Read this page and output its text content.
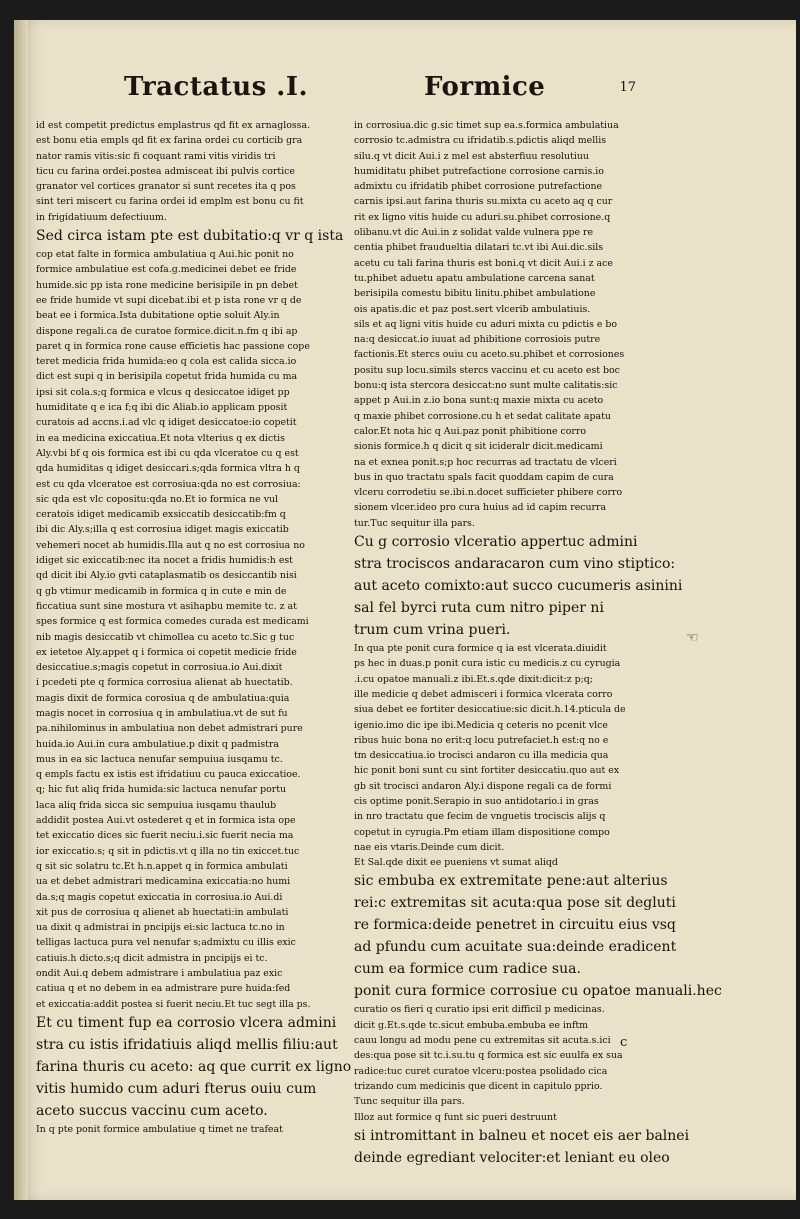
Tractatus .I.	Formice	17
id est competit predictus emplastrus qd fit ex arnaglossa.
est bonu etia empls qd fit ex farina ordei cu corticib gra
nator ramis vitis:sic fi coquant rami vitis viridis tri
ticu cu farina ordei.postea admisceat ibi pulvis cortice
granator vel cortices granator si sunt recetes ita q pos
sint teri miscert cu farina ordei id emplm est bonu cu fit
in frigidatiuum defectiuum.
Sed circa istam pte est dubitatio:q vr q ista
cop etat falte in formica ambulatiua q Aui.hic ponit no
formice ambulatiue est cofa.g.medicinei debet ee fride
humide.sic pp ista rone medicine berisipile in pn debet
ee fride humide vt supi dicebat.ibi et p ista rone vr q de
beat ee i formica.Ista dubitatione optie soluit Aly.in
dispone regali.ca de curatoe formice.dicit.n.fm q ibi ap
paret q in formica rone cause efficietis hac passione cope
teret medicia frida humida:eo q cola est calida sicca.io
dict est supi q in berisipila copetut frida humida cu ma
ipsi sit cola.s;q formica e vlcus q desiccatoe idiget pp
humiditate q e ica f;q ibi dic Aliab.io applicam pposit
curatois ad accns.i.ad vlc q idiget desiccatoe:io copetit
in ea medicina exiccatiua.Et nota vlterius q ex dictis
Aly.vbi bf q ois formica est ibi cu qda vlceratoe cu q est
qda humiditas q idiget desiccari.s;qda formica vltra h q
est cu qda vlceratoe est corrosiua:qda no est corrosiua:
sic qda est vlc copositu:qda no.Et io formica ne vul
ceratois idiget medicamib exsiccatib desiccatib:fm q
ibi dic Aly.s;illa q est corrosiua idiget magis exiccatib
vehemeri nocet ab humidis.Illa aut q no est corrosiua no
idiget sic exiccatib:nec ita nocet a fridis humidis:h est
qd dicit ibi Aly.io gvti cataplasmatib os desiccantib nisi
q gb vtimur medicamib in formica q in cute e min de
ficcatiua sunt sine mostura vt asihapbu memite tc. z at
spes formice q est formica comedes curada est medicami
nib magis desiccatib vt chimollea cu aceto tc.Sic g tuc
ex ietetoe Aly.appet q i formica oi copetit medicie fride
desiccatiue.s;magis copetut in corrosiua.io Aui.dixit
i pcedeti pte q formica corrosiua alienat ab huectatib.
magis dixit de formica corosiua q de ambulatiua:quia
magis nocet in corrosiua q in ambulatiua.vt de sut fu
pa.nihilominus in ambulatiua non debet admistrari pure
huida.io Aui.in cura ambulatiue.p dixit q padmistra
mus in ea sic lactuca nenufar sempuiua iusqamu tc.
q empls factu ex istis est ifridatiuu cu pauca exiccatioe.
q; hic fut aliq frida humida:sic lactuca nenufar portu
laca aliq frida sicca sic sempuiua iusqamu thaulub
addidit postea Aui.vt ostederet q et in formica ista ope
tet exiccatio dices sic fuerit neciu.i.sic fuerit necia ma
ior exiccatio.s; q sit in pdictis.vt q illa no tin exiccet.tuc
q sit sic solatru tc.Et h.n.appet q in formica ambulati
ua et debet admistrari medicamina exiccatia:no humi
da.s;q magis copetut exiccatia in corrosiua.io Aui.di
xit pus de corrosiua q alienet ab huectati:in ambulati
ua dixit q admistrai in pncipijs ei:sic lactuca tc.no in
telligas lactuca pura vel nenufar s;admixtu cu illis exic
catiuis.h dicto.s;q dicit admistra in pncipijs ei tc.
ondit Aui.q debem admistrare i ambulatiua paz exic
catiua q et no debem in ea admistrare pure huida:fed
et exiccatia:addit postea si fuerit neciu.Et tuc segt illa ps.
Et cu timent fup ea corrosio vlcera admini
stra cu istis ifridatiuis aliqd mellis filiu:aut
farina thuris cu aceto: aq que currit ex ligno
vitis humido cum aduri fterus ouiu cum
aceto succus vaccinu cum aceto.
In q pte ponit formice ambulatiue q timet ne trafeat
in corrosiua.dic g.sic timet sup ea.s.formica ambulatiua
corrosio tc.admistra cu ifridatib.s.pdictis aliqd mellis
silu.q vt dicit Aui.i z mel est absterfiuu resolutiuu
humiditatu phibet putrefactione corrosione carnis.io
admixtu cu ifridatib phibet corrosione putrefactione
carnis ipsi.aut farina thuris su.mixta cu aceto aq q cur
rit ex ligno vitis huide cu aduri.su.phibet corrosione.q
olibanu.vt dic Aui.in z solidat valde vulnera ppe re
centia phibet fraudueltia dilatari tc.vt ibi Aui.dic.sils
acetu cu tali farina thuris est boni.q vt dicit Aui.i z ace
tu.phibet aduetu apatu ambulatione carcena sanat
berisipila comestu bibitu linitu.phibet ambulatione
ois apatis.dic et paz post.sert vlcerib ambulatiuis.
sils et aq ligni vitis huide cu aduri mixta cu pdictis e bo
na:q desiccat.io iuuat ad phibitione corrosiois putre
factionis.Et stercs ouiu cu aceto.su.phibet et corrosiones
positu sup locu.simils stercs vaccinu et cu aceto est boc
bonu:q ista stercora desiccat:no sunt multe calitatis:sic
appet p Aui.in z.io bona sunt:q maxie mixta cu aceto
q maxie phibet corrosione.cu h et sedat calitate apatu
calor.Et nota hic q Aui.paz ponit phibitione corro
sionis formice.h q dicit q sit icideralr dicit.medicami
na et exnea ponit.s;p hoc recurras ad tractatu de vlceri
bus in quo tractatu spals facit quoddam capim de cura
vlceru corrodetiu se.ibi.n.docet sufficieter phibere corro
sionem vlcer.ideo pro cura huius ad id capim recurra
tur.Tuc sequitur illa pars.
Cu g corrosio vlceratio appertuc admini
stra trociscos andaracaron cum vino stiptico:
aut aceto comixto:aut succo cucumeris asinini
sal fel byrci ruta cum nitro piper ni
trum cum vrina pueri.
In qua pte ponit cura formice q ia est vlcerata.diuidit
ps hec in duas.p ponit cura istic cu medicis.z cu cyrugia
.i.cu opatoe manuali.z ibi.Et.s.qde dixit:dicit:z p;q;
ille medicie q debet admisceri i formica vlcerata corro
siua debet ee fortiter desiccatiue:sic dicit.h.14.pticula de
igenio.imo dic ipe ibi.Medicia q ceteris no pcenit vlce
ribus huic bona no erit:q locu putrefaciet.h est:q no e
tm desiccatiua.io trocisci andaron cu illa medicia qua
hic ponit boni sunt cu sint fortiter desiccatiu.quo aut ex
gb sit trocisci andaron Aly.i dispone regali ca de formi
cis optime ponit.Serapio in suo antidotario.i in gras
in nro tractatu que fecim de vnguetis trociscis alijs q
copetut in cyrugia.Pm etiam illam dispositione compo
nae eis vtaris.Deinde cum dicit.
Et Sal.qde dixit ee pueniens vt sumat aliqd
sic embuba ex extremitate pene:aut alterius
rei:c extremitas sit acuta:qua pose sit degluti
re formica:deide penetret in circuitu eius vsq
ad pfundu cum acuitate sua:deinde eradicent
cum ea formice cum radice sua.
ponit cura formice corrosiue cu opatoe manuali.hec
curatio os fieri q curatio ipsi erit difficil p medicinas.
dicit g.Et.s.qde tc.sicut embuba.embuba ee inftm
cauu longu ad modu pene cu extremitas sit acuta.s.ici
des:qua pose sit tc.i.su.tu q formica est sic euulfa ex sua
radice:tuc curet curatoe vlceru:postea psolidado cica
trizando cum medicinis que dicent in capitulo pprio.
Tunc sequitur illa pars.
Illoz aut formice q funt sic pueri destruunt
si intromittant in balneu et nocet eis aer balnei
deinde egrediant velociter:et leniant eu oleo
c
☜
